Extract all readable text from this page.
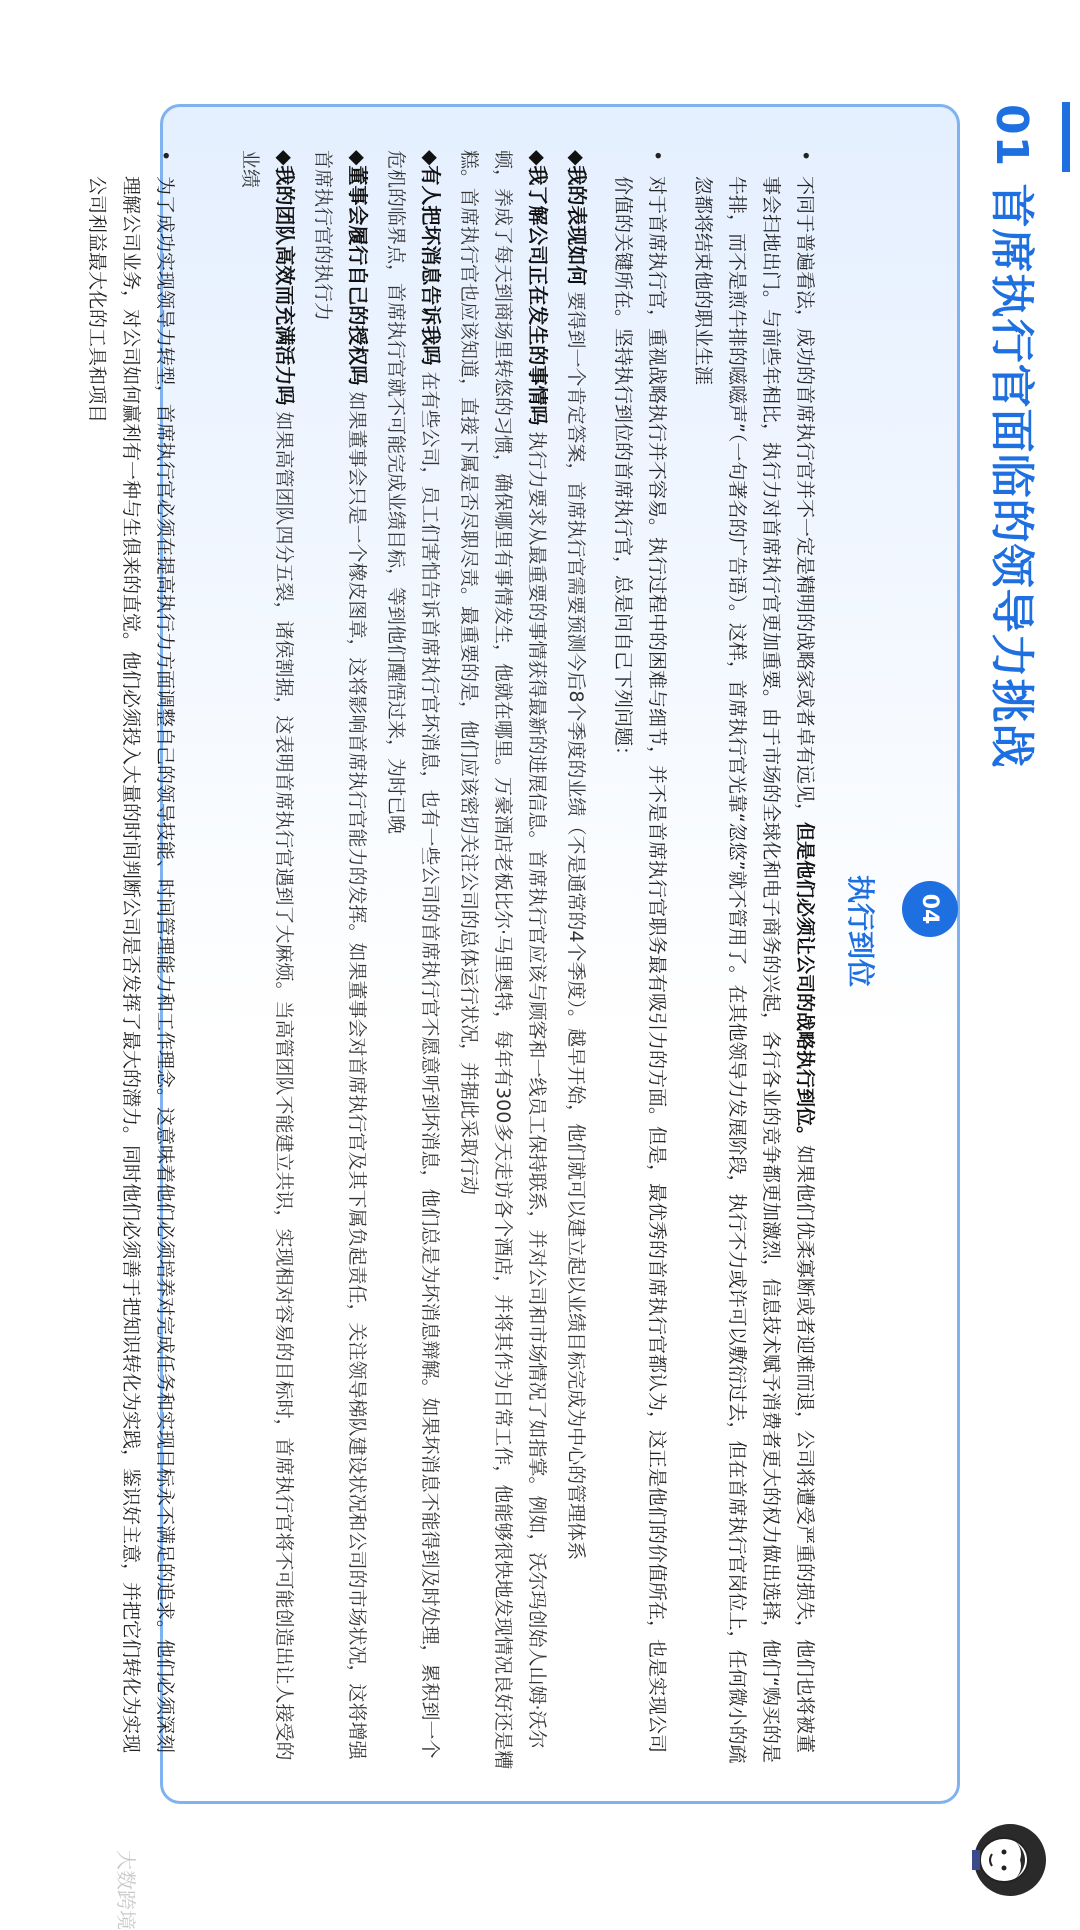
01 首席执行官面临的领导力挑战
04
执行到位

•
不同于普遍看法，成功的首席执行官并不一定是精明的战略家或者卓有远见，但是他们必须让公司的战略执行到位。如果他们优柔寡断或者迎难而退，公司将遭受严重的损失，他们也将被董事会扫地出门。与前些年相比，执行力对首席执行官更加重要。由于市场的全球化和电子商务的兴起，各行各业的竞争都更加激烈，信息技术赋予消费者更大的权力做出选择，他们“购买的是牛排，而不是煎牛排的嗞嗞声”（一句著名的广告语）。这样，首席执行官光靠“忽悠”就不管用了。在其他领导力发展阶段，执行不力或许可以敷衍过去，但在首席执行官岗位上，任何微小的疏忽都将结束他的职业生涯

•
对于首席执行官，重视战略执行并不容易。执行过程中的困难与细节，并不是首席执行官职务最有吸引力的方面。但是，最优秀的首席执行官都认为，这正是他们的价值所在，也是实现公司价值的关键所在。坚持执行到位的首席执行官，总是问自己下列问题：

◆我的表现如何 要得到一个肯定答案，首席执行官需要预测今后8个季度的业绩（不是通常的4个季度）。越早开始，他们就可以建立起以业绩目标完成为中心的管理体系
◆我了解公司正在发生的事情吗 执行力要求从最重要的事情获得最新的进展信息。首席执行官应该与顾客和一线员工保持联系，并对公司和市场情况了如指掌。例如，沃尔玛创始人山姆·沃尔顿，养成了每天到商场里转悠的习惯，确保哪里有事情发生，他就在哪里。万豪酒店老板比尔·马里奥特，每年有300多天走访各个酒店，并将其作为日常工作，他能够很快地发现情况良好还是糟糕。首席执行官也应该知道，直接下属是否尽职尽责。最重要的是，他们应该密切关注公司的总体运行状况，并据此采取行动
◆有人把坏消息告诉我吗 在有些公司，员工们害怕告诉首席执行官坏消息，也有一些公司的首席执行官不愿意听到坏消息，他们总是为坏消息辩解。如果坏消息不能得到及时处理，累积到一个危机的临界点，首席执行官就不可能完成业绩目标，等到他们醒悟过来，为时已晚
◆董事会履行自己的授权吗 如果董事会只是一个橡皮图章，这将影响首席执行官能力的发挥。如果董事会对首席执行官及其下属负起责任，关注领导梯队建设状况和公司的市场状况，这将增强首席执行官的执行力
◆我的团队高效而充满活力吗 如果高管团队四分五裂，诸侯割据，这表明首席执行官遇到了大麻烦。当高管团队不能建立共识，实现相对容易的目标时，首席执行官将不可能创造出让人接受的业绩
•
为了成功实现领导力转型，首席执行官必须在提高执行力方面调整自己的领导技能、时间管理能力和工作理念。这意味着他们必须培养对完成任务和实现目标永不满足的追求。他们必须深刻理解公司业务，对公司如何赢利有一种与生俱来的直觉。他们必须投入大量的时间判断公司是否发挥了最大的潜力。同时他们必须善于把知识转化为实践，鉴识好主意，并把它们转化为实现公司利益最大化的工具和项目
大数跨境
